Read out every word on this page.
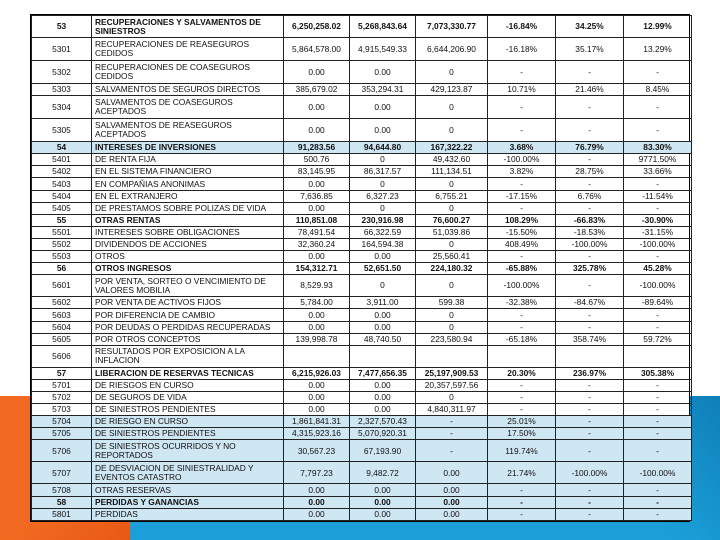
53	RECUPERACIONES Y SALVAMENTOS DE SINIESTROS	6,250,258.02	5,268,843.64	7,073,330.77	-16.84%	34.25%	12.99%
5301	RECUPERACIONES DE REASEGUROS CEDIDOS	5,864,578.00	4,915,549.33	6,644,206.90	-16.18%	35.17%	13.29%
5302	RECUPERACIONES DE COASEGUROS CEDIDOS	0.00	0.00	0	-	-	-
5303	SALVAMENTOS DE SEGUROS DIRECTOS	385,679.02	353,294.31	429,123.87	10.71%	21.46%	8.45%
5304	SALVAMENTOS DE COASEGUROS ACEPTADOS	0.00	0.00	0	-	-	-
5305	SALVAMENTOS DE REASEGUROS ACEPTADOS	0.00	0.00	0	-	-	-
54	INTERESES DE INVERSIONES	91,283.56	94,644.80	167,322.22	3.68%	76.79%	83.30%
5401	DE RENTA FIJA	500.76	0	49,432.60	-100.00%	-	9771.50%
5402	EN EL SISTEMA FINANCIERO	83,145.95	86,317.57	111,134.51	3.82%	28.75%	33.66%
5403	EN COMPAÑIAS ANONIMAS	0.00	0	0	-	-	-
5404	EN EL EXTRANJERO	7,636.85	6,327.23	6,755.21	-17.15%	6.76%	-11.54%
5405	DE PRESTAMOS SOBRE POLIZAS DE VIDA	0.00	0	0	-	-	-
55	OTRAS RENTAS	110,851.08	230,916.98	76,600.27	108.29%	-66.83%	-30.90%
5501	INTERESES SOBRE OBLIGACIONES	78,491.54	66,322.59	51,039.86	-15.50%	-18.53%	-31.15%
5502	DIVIDENDOS DE ACCIONES	32,360.24	164,594.38	0	408.49%	-100.00%	-100.00%
5503	OTROS	0.00	0.00	25,560.41	-	-	-
56	OTROS INGRESOS	154,312.71	52,651.50	224,180.32	-65.88%	325.78%	45.28%
5601	POR VENTA, SORTEO O VENCIMIENTO DE VALORES MOBILIA	8,529.93	0	0	-100.00%	-	-100.00%
5602	POR VENTA DE ACTIVOS FIJOS	5,784.00	3,911.00	599.38	-32.38%	-84.67%	-89.64%
5603	POR DIFERENCIA DE CAMBIO	0.00	0.00	0	-	-	-
5604	POR DEUDAS O PERDIDAS RECUPERADAS	0.00	0.00	0	-	-	-
5605	POR OTROS CONCEPTOS	139,998.78	48,740.50	223,580.94	-65.18%	358.74%	59.72%
5606	RESULTADOS POR EXPOSICION A LA INFLACION						
57	LIBERACION DE RESERVAS TECNICAS	6,215,926.03	7,477,656.35	25,197,909.53	20.30%	236.97%	305.38%
5701	DE RIESGOS EN CURSO	0.00	0.00	20,357,597.56	-	-	-
5702	DE SEGUROS DE VIDA	0.00	0.00	0	-	-	-
5703	DE SINIESTROS PENDIENTES	0.00	0.00	4,840,311.97	-	-	-
5704	DE RIESGO EN CURSO	1,861,841.31	2,327,570.43	-	25.01%	-	-
5705	DE SINIESTROS PENDIENTES	4,315,923.16	5,070,920.31	-	17.50%	-	-
5706	DE SINIESTROS OCURRIDOS Y NO REPORTADOS	30,567.23	67,193.90	-	119.74%	-	-
5707	DE DESVIACION DE SINIESTRALIDAD Y EVENTOS CATASTRO	7,797.23	9,482.72	0.00	21.74%	-100.00%	-100.00%
5708	OTRAS RESERVAS	0.00	0.00	0.00	-	-	-
58	PERDIDAS Y GANANCIAS	0.00	0.00	0.00	-	-	-
5801	PERDIDAS	0.00	0.00	0.00	-	-	-
